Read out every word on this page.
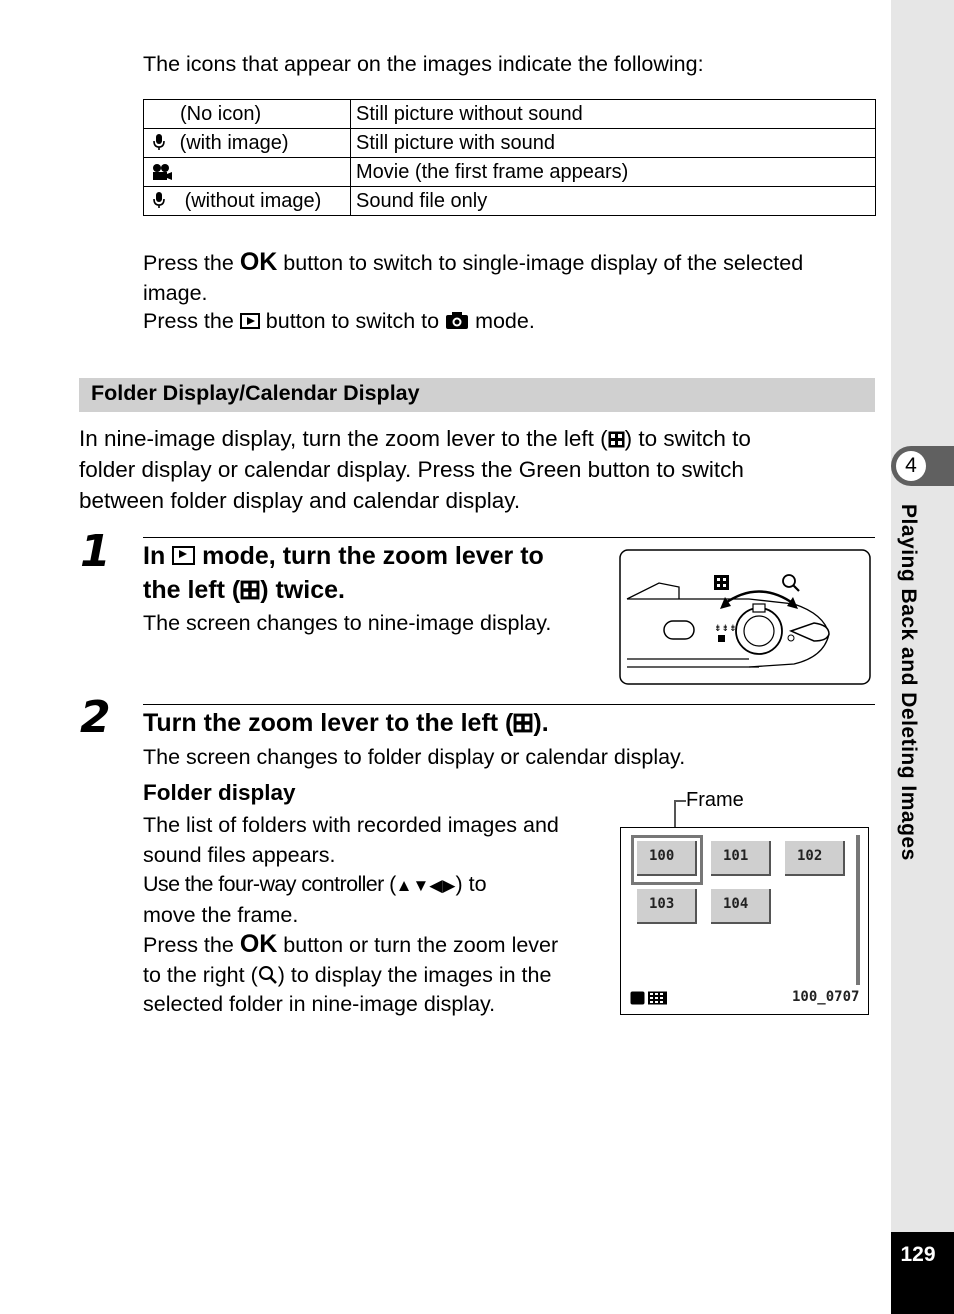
4
Playing Back and Deleting Images
129
The icons that appear on the images indicate the following:
(No icon)	Still picture without sound
(with image)	Still picture with sound
	Movie (the first frame appears)
(without image)	Sound file only
Press the OK button to switch to single-image display of the selected
image.
Press the button to switch to mode.
Folder Display/Calendar Display
In nine-image display, turn the zoom lever to the left ( ) to switch to
folder display or calendar display. Press the Green button to switch
between folder display and calendar display.
1 In mode, turn the zoom lever to
the left ( ) twice.
The screen changes to nine-image display.	⇟⇟⇟
2 Turn the zoom lever to the left ( ).
The screen changes to folder display or calendar display.
Folder display
The list of folders with recorded images and
sound files appears.
Use the four-way controller (▲▼◀▶) to
move the frame.
Press the OK button or turn the zoom lever
to the right ( ) to display the images in the
selected folder in nine-image display.
Frame
100	101	102
103	104
100_0707
